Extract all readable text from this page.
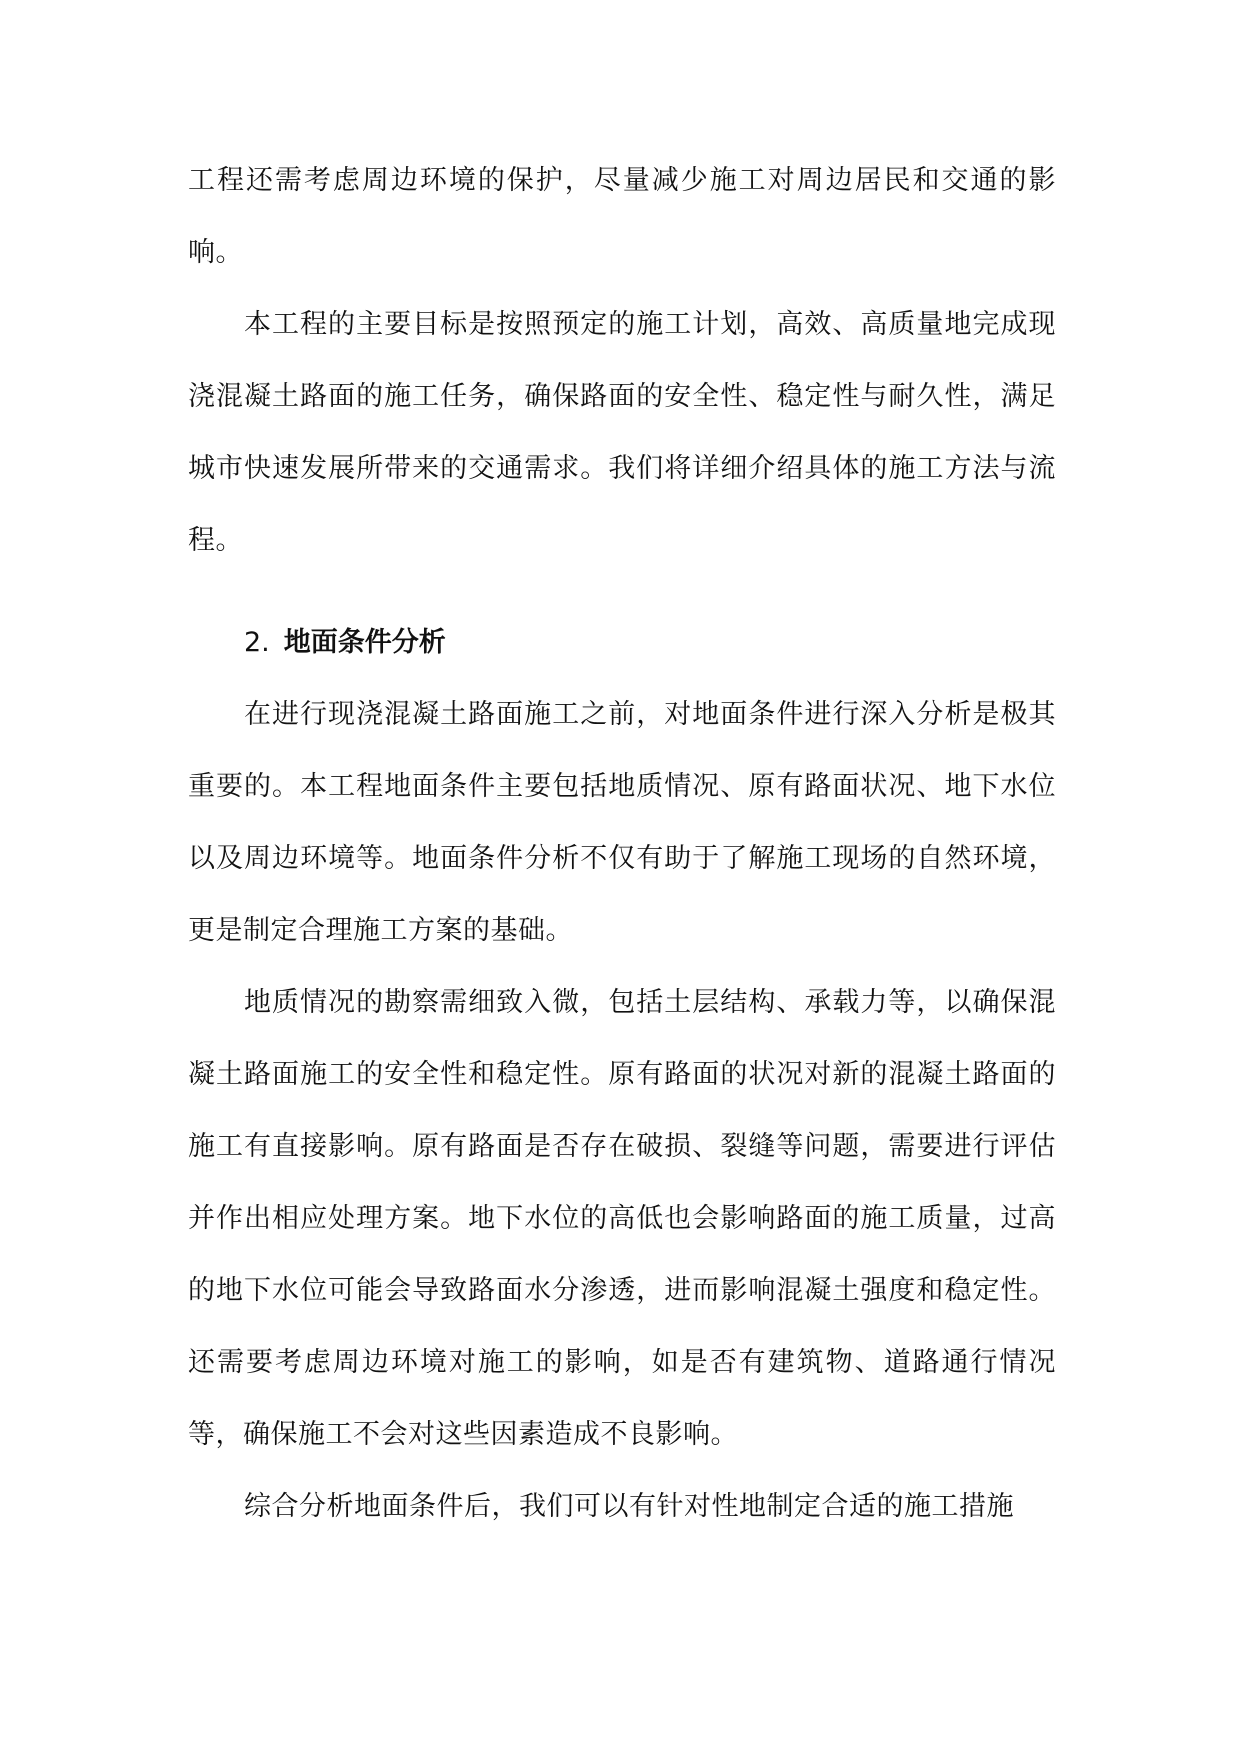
工程还需考虑周边环境的保护，尽量减少施工对周边居民和交通的影响。

本工程的主要目标是按照预定的施工计划，高效、高质量地完成现浇混凝土路面的施工任务，确保路面的安全性、稳定性与耐久性，满足城市快速发展所带来的交通需求。我们将详细介绍具体的施工方法与流程。

2. 地面条件分析

在进行现浇混凝土路面施工之前，对地面条件进行深入分析是极其重要的。本工程地面条件主要包括地质情况、原有路面状况、地下水位以及周边环境等。地面条件分析不仅有助于了解施工现场的自然环境，更是制定合理施工方案的基础。

地质情况的勘察需细致入微，包括土层结构、承载力等，以确保混凝土路面施工的安全性和稳定性。原有路面的状况对新的混凝土路面的施工有直接影响。原有路面是否存在破损、裂缝等问题，需要进行评估并作出相应处理方案。地下水位的高低也会影响路面的施工质量，过高的地下水位可能会导致路面水分渗透，进而影响混凝土强度和稳定性。还需要考虑周边环境对施工的影响，如是否有建筑物、道路通行情况等，确保施工不会对这些因素造成不良影响。

综合分析地面条件后，我们可以有针对性地制定合适的施工措施
